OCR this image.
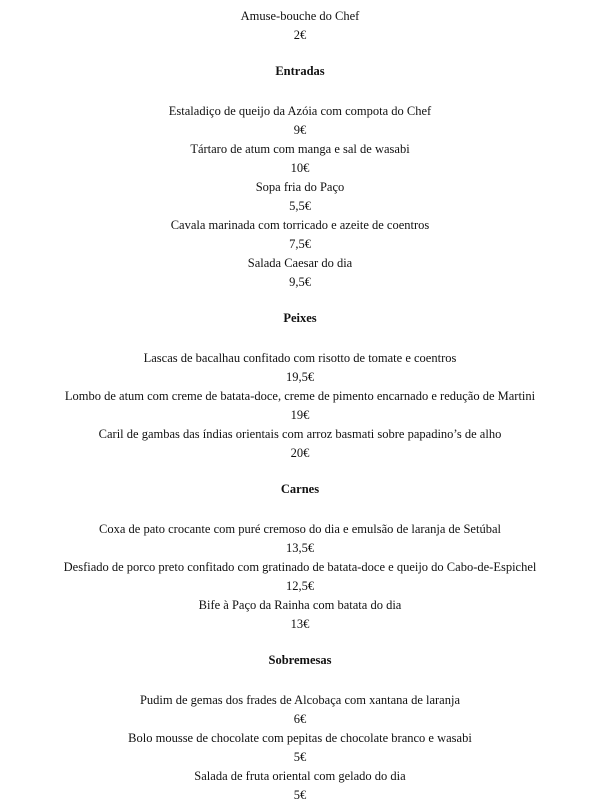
Amuse-bouche do Chef
2€
Entradas
Estaladiço de queijo da Azóia com compota do Chef
9€
Tártaro de atum com manga e sal de wasabi
10€
Sopa fria do Paço
5,5€
Cavala marinada com torricado e azeite de coentros
7,5€
Salada Caesar do dia
9,5€
Peixes
Lascas de bacalhau confitado com risotto de tomate e coentros
19,5€
Lombo de atum com creme de batata-doce, creme de pimento encarnado e redução de Martini
19€
Caril de gambas das índias orientais com arroz basmati sobre papadino’s de alho
20€
Carnes
Coxa de pato crocante com puré cremoso do dia e emulsão de laranja de Setúbal
13,5€
Desfiado de porco preto confitado com gratinado de batata-doce e queijo do Cabo-de-Espichel
12,5€
Bife à Paço da Rainha com batata do dia
13€
Sobremesas
Pudim de gemas dos frades de Alcobaça com xantana de laranja
6€
Bolo mousse de chocolate com pepitas de chocolate branco e wasabi
5€
Salada de fruta oriental com gelado do dia
5€
